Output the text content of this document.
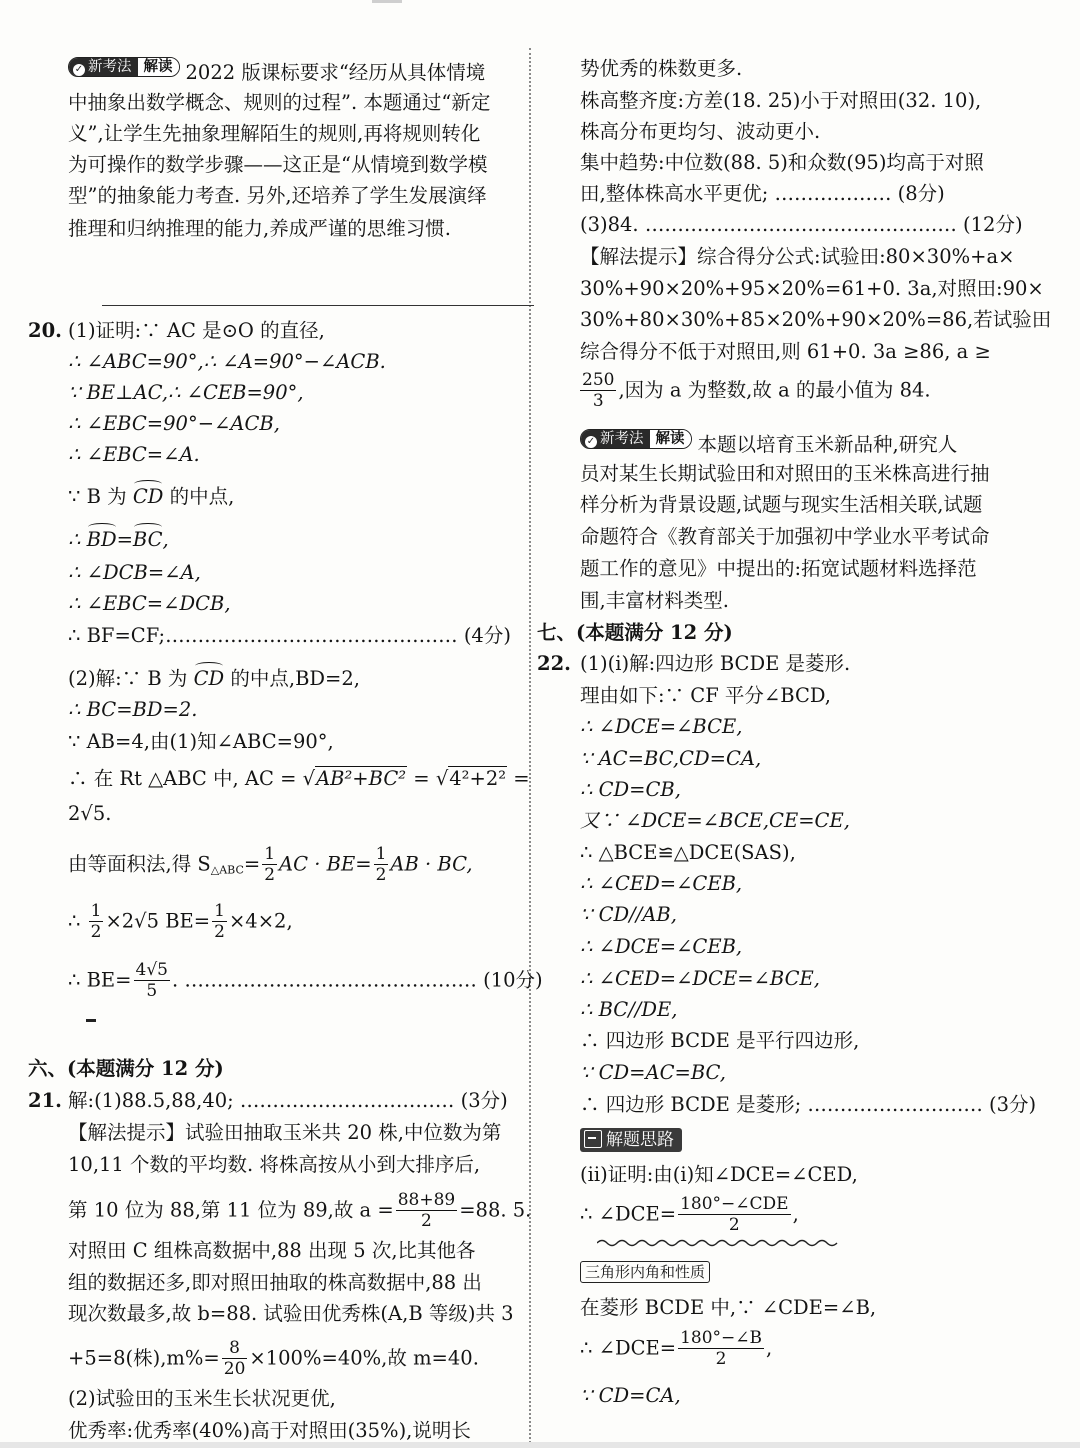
✓ 新考法 解读 2022 版课标要求“经历从具体情境
中抽象出数学概念、规则的过程”. 本题通过“新定
义”,让学生先抽象理解陌生的规则,再将规则转化
为可操作的数学步骤——这正是“从情境到数学模
型”的抽象能力考查. 另外,还培养了学生发展演绎
推理和归纳推理的能力,养成严谨的思维习惯.
20. (1)证明:∵ AC 是⊙O 的直径,
∴ ∠ABC=90°,∴ ∠A=90°−∠ACB.
∵ BE⊥AC,∴ ∠CEB=90°,
∴ ∠EBC=90°−∠ACB,
∴ ∠EBC=∠A.
∵ B 为 CD 的中点,
∴ BD=BC,
∴ ∠DCB=∠A,
∴ ∠EBC=∠DCB,
∴ BF=CF;……………………………………… (4分)
(2)解:∵ B 为 CD 的中点,BD=2,
∴ BC=BD=2.
∵ AB=4,由(1)知∠ABC=90°,
∴ 在 Rt △ABC 中, AC = √AB²+BC² = √4²+2² =
2√5.
由等面积法,得 $S_{\triangle ABC}= \frac{1}{2}$ AC · $BE= \frac{1}{2}$ AB · BC,
∴ $\frac{1}{2} \times 2√5$ $BE= \frac{1}{2} \times 4\times 2$,
∴ $BE= \frac{4√5}{5}$ . ……………………………………… (10分)
六、(本题满分 12 分)
21. 解:(1)88.5,88,40; …………………………… (3分)
【解法提示】试验田抽取玉米共 20 株,中位数为第
10,11 个数的平均数. 将株高按从小到大排序后,
第 10 位为 88,第 11 位为 89,故 $a = \frac{88+89}{2} =88$. 5.
对照田 C 组株高数据中,88 出现 5 次,比其他各
组的数据还多,即对照田抽取的株高数据中,88 出
现次数最多,故 b=88. 试验田优秀株(A,B 等级)共 3
+5=8(株)$,m\%= \frac{8}{20} \times 100\%=40\%$,故 m=40.
(2)试验田的玉米生长状况更优,
优秀率:优秀率(40%)高于对照田(35%),说明长
势优秀的株数更多.
株高整齐度:方差(18. 25)小于对照田(32. 10),
株高分布更均匀、波动更小.
集中趋势:中位数(88. 5)和众数(95)均高于对照
田,整体株高水平更优; ……………… (8分)
(3)84. ………………………………………… (12分)
【解法提示】综合得分公式:试验田:80×30%+a×
30%+90×20%+95×20%=61+0. 3a,对照田:90×
30%+80×30%+85×20%+90×20%=86,若试验田
综合得分不低于对照田,则 61+0. 3a ≥86, a ≥
$\frac{250}{3}$ ,因为 a 为整数,故 a 的最小值为 84.
✓ 新考法 解读 本题以培育玉米新品种,研究人
员对某生长期试验田和对照田的玉米株高进行抽
样分析为背景设题,试题与现实生活相关联,试题
命题符合《教育部关于加强初中学业水平考试命
题工作的意见》中提出的:拓宽试题材料选择范
围,丰富材料类型.
七、(本题满分 12 分)
22. (1)(i)解:四边形 BCDE 是菱形.
理由如下:∵ CF 平分∠BCD,
∴ ∠DCE=∠BCE,
∵ AC=BC,CD=CA,
∴ CD=CB,
又∵ ∠DCE=∠BCE,CE=CE,
∴ △BCE≌△DCE(SAS),
∴ ∠CED=∠CEB,
∵ CD//AB,
∴ ∠DCE=∠CEB,
∴ ∠CED=∠DCE=∠BCE,
∴ BC//DE,
∴ 四边形 BCDE 是平行四边形,
∵ CD=AC=BC,
∴ 四边形 BCDE 是菱形; ……………………… (3分)
解题思路
(ii)证明:由(i)知∠DCE=∠CED,
∴ ∠DCE= $\frac{\text{180°−∠CDE}}{2}$ ,
三角形内角和性质
在菱形 BCDE 中,∵ ∠CDE=∠B,
∴ ∠DCE= $\frac{180^\circ-\angle B}{2}$ ,
∵ CD=CA,
